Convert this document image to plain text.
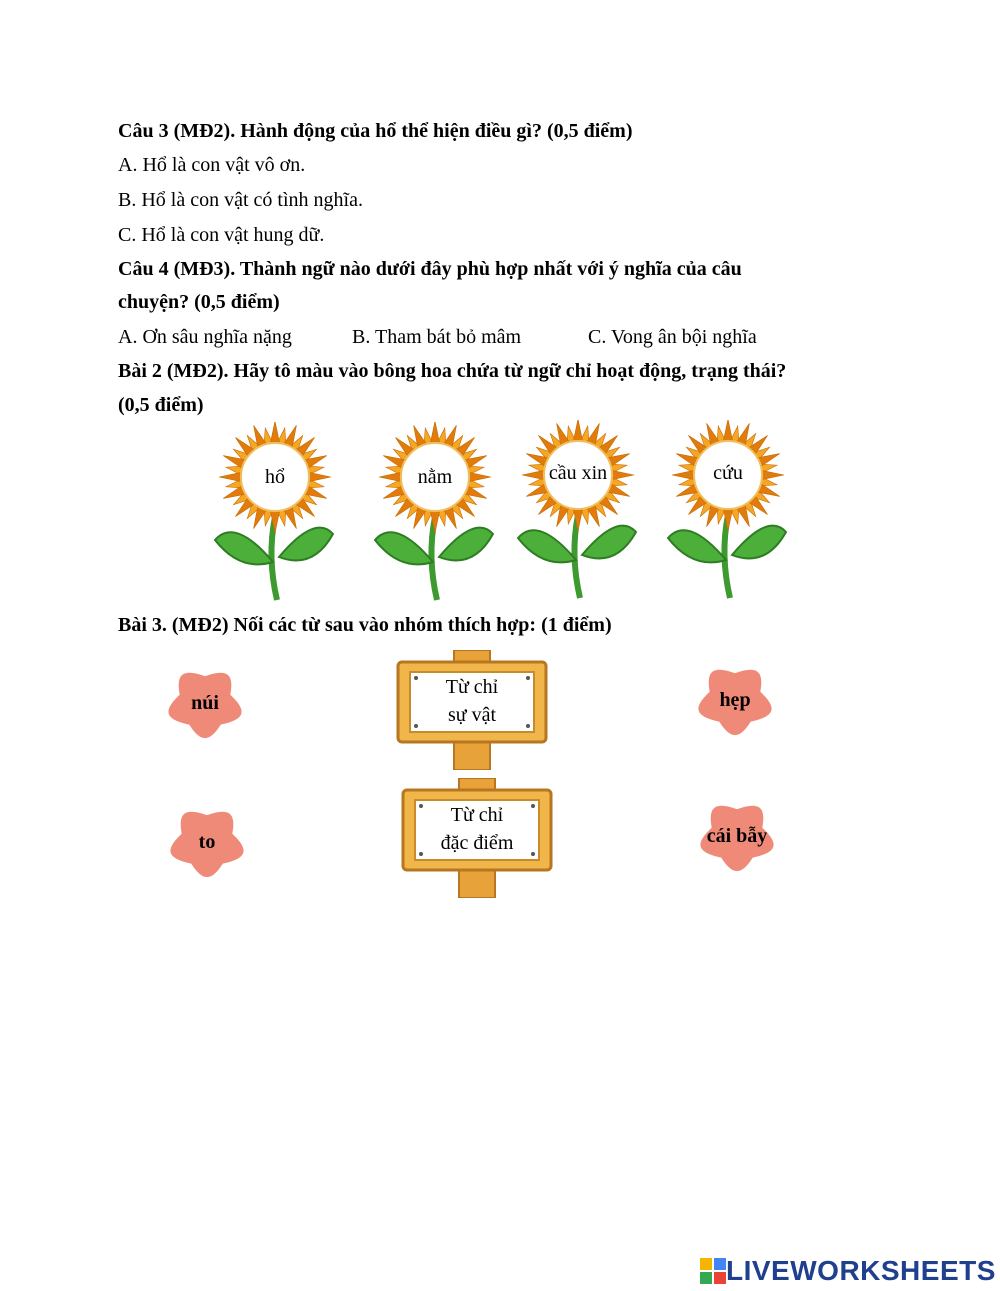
Câu 3 (MĐ2). Hành động của hổ thể hiện điều gì? (0,5 điểm)
A. Hổ là con vật vô ơn.
B. Hổ là con vật có tình nghĩa.
C. Hổ là con vật hung dữ.
Câu 4 (MĐ3). Thành ngữ nào dưới đây phù hợp nhất với ý nghĩa của câu
chuyện? (0,5 điểm)
A. Ơn sâu nghĩa nặng	B. Tham bát bỏ mâm	C. Vong ân bội nghĩa
Bài 2 (MĐ2). Hãy tô màu vào bông hoa chứa từ ngữ chỉ hoạt động, trạng thái?
(0,5 điểm)
hổ	nằm	cầu xin	cứu
Bài 3. (MĐ2) Nối các từ sau vào nhóm thích hợp: (1 điểm)
núi
to
hẹp
cái bẫy
Từ chỉ
sự vật
Từ chỉ
đặc điểm
LIVEWORKSHEETS
